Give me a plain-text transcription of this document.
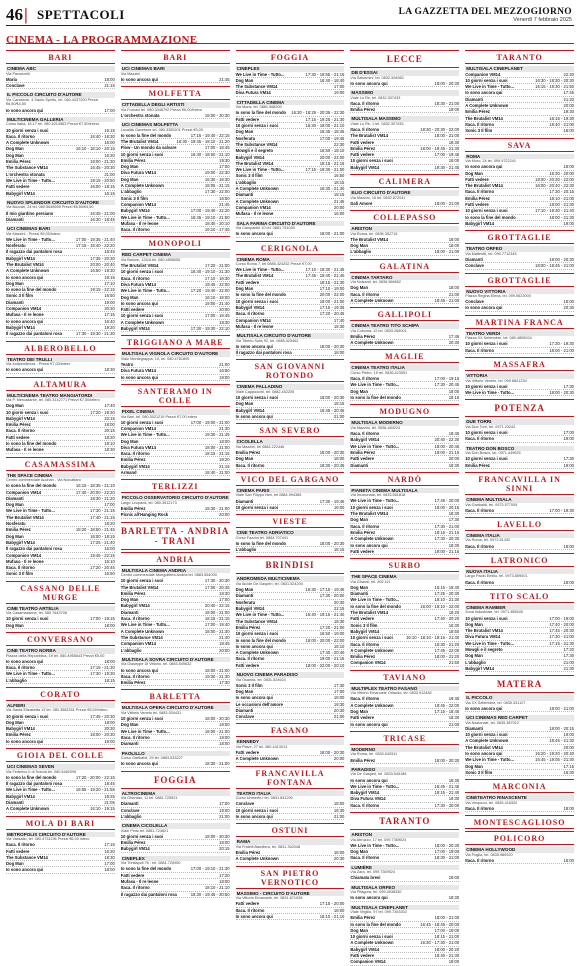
46| SPETTACOLI	LA GAZZETTA DEL MEZZOGIORNO
Venerdì 7 febbraio 2025
CINEMA - LA PROGRAMMAZIONE
BARI
CINEMA ABC
Via Pavoncelli
Maria	18:00
Conclave	21:15
IL PICCOLO CIRCUITO D'AUTORE
Via Cantatore, 4 Santo Spirito, tel. 080.4437200 Prezzi €6,50/€4,50
Io sono ancora qui	17:00
MULTICINEMA GALLERIA
Corso Italia, 15-17 tel. 080.5214563 Prezzi €7,50/intero
10 giorni senza i suoi	16:15
Itaca. Il ritorno	16:40 - 18:30
A Complete Unknown	16:00
Dog Man	16:10 - 18:10 - 20:15
Dog Man	16:30
Emilia Pérez	19:00 - 21:30
The Substance VM14	16:45 - 20:30
L'orchestra stonata	21:00
We Live in Time - Tutto...	18:15 - 20:50
Fatti vedere	16:00 - 18:15
Babygirl VM14	16:15
NUOVO SPLENDOR CIRCUITO D'AUTORE
Via Buccari, 24 tel. 080.5648595 Prezzi €6,50/€4,50
Il mio giardino persiano	16:45 - 21:00
Diamanti	16:30 - 18:45
UCI CINEMAS BARI
Via Mazzini - Prezzi €9,00/intero
We Live in Time - Tutto...	17:00 - 19:35 - 21:40
Nosferatu	17:15 - 19:40 - 22:20
Il ragazzo dai pantaloni rosa	18:45
Babygirl VM14	17:35 - 20:30
The Brutalist VM14	20:00 - 20:40
A Complete Unknown	16:50 - 19:30
Io sono ancora qui	18:15
Dog Man	17:10
Io sono la fine del mondo	19:15 - 22:15
Sonic 3 Il film	16:50
Diamanti	19:00
Companion VM14	20:30
Mufasa - Il re leone	17:15
Io sono ancora qui	16:40
Babygirl VM14	19:20
Il ragazzo dai pantaloni rosa	17:30 - 19:30 - 21:30
ALBEROBELLO
TEATRO DEI TRULLI
Via Indipendenza - Prezzi €7,00/intero
Io sono ancora qui	18:30
ALTAMURA
MULTICINEMA TEATRO MANGIATORDI
Via P. Mercadante, tel. 080.3142771 Prezzi €7,50/intero
Dog Man	17:40
10 giorni senza i suoi	17:20 - 19:30
Babygirl VM14	22:15
Emilia Pérez	18:00
Itaca. Il ritorno	20:15
Fatti vedere	18:20
Io sono la fine del mondo	19:10
Mufasa - Il re leone	18:30
CASAMASSIMA
THE SPACE CINEMA
Centro commerciale Auchan - Via Noicattaro
Io sono la fine del mondo	16:15 - 18:35 - 21:10
Companion VM14	17:40 - 20:00 - 22:20
Diamanti	18:30 - 21:20
Dog Man	17:00
We Live in Time - Tutto...	17:30 - 21:15
The Brutalist VM14	17:40 - 21:15
Nosferatu	18:20
Emilia Pérez	18:20 - 18:50 - 21:45
Dog Man	16:00 - 18:15
Babygirl VM14	17:25 - 21:40
Il ragazzo dai pantaloni rosa	16:00
Companion VM14	19:45 - 22:15
Mufasa - Il re leone	16:10
Itaca. Il ritorno	17:20 - 20:45
Sonic 3 Il film	16:50
CASSANO DELLE MURGE
CINE TEATRO ARTELIA
Via Casamassima, tel. 080.7643708
10 giorni senza i suoi	17:00 - 19:15
Dog Man	18:00
CONVERSANO
CINE TEATRO NORBA
Piazza della Repubblica, 19 tel. 080.4955643 Prezzi €5,00
Io sono ancora qui	18:00
Itaca. Il ritorno	17:15 - 21:30
We Live in Time - Tutto...	17:30 - 19:30
L'abbaglio	18:15
CORATO
ALFIERI
Via Santa Elisabetta 13 tel. 080.3582261 Prezzi €5,00/intero
10 giorni senza i suoi	17:45 - 20:30
Dog Man	18:00
Babygirl VM14	20:30
Emilia Pérez	18:00 - 20:30
Io sono ancora qui	19:00
GIOIA DEL COLLE
UCI CINEMAS SEVEN
Via Federico II di Svevia tel. 080.5482095
Io sono la fine del mondo	17:20 - 20:00 - 22:15
Il ragazzo dai pantaloni rosa	18:45
We Live in Time - Tutto...	16:55 - 19:20 - 21:55
Babygirl VM14	19:25
Diamanti	21:05
A Complete Unknown	16:10 - 19:15
MOLA DI BARI
METROPOLIS CIRCUITO D'AUTORE
Via Vassallo, tel. 080.4731196 Prezzi €6,00 intero
Itaca. Il ritorno	17:15
Fatti vedere	16:30
The Substance VM14	18:30
Dog Man	17:00
Io sono ancora qui	18:00
BARI
UCI CINEMAS BARI
Via Mazzini
Io sono ancora qui	21:45
MOLFETTA
CITTADELLA DEGLI ARTISTI
Via Fornaci tel. 080.3348792 Prezzi €6,00/intero
L'orchestra stonata	18:00 - 20:30
UCI CINEMAS MOLFETTA
Località Gavetone tel. 080.3350201 Prezzi €9,00
Io sono la fine del mondo	17:15 - 19:40 - 22:15
The Brutalist VM14	16:30 - 19:45 - 18:10 - 21:20
Flow - Un mondo da salvare	17:00 - 18:45
10 giorni senza i suoi	16:40 - 18:50 - 21:10
Emilia Pérez	19:30
Dog Man	17:00
Diva Futura VM14	19:00 - 22:30
Dog Man	16:30 - 18:30
A Complete Unknown	18:05 - 21:15
L'abbaglio	17:30 - 22:00
Sonic 3 Il film	16:50
Companion VM14	21:45
Babygirl VM14	17:00 - 19:40 - 22:20
We Live in Time - Tutto...	16:45 - 19:10 - 21:50
Mufasa - Il re leone	18:40 - 20:10
Itaca. Il ritorno	16:10 - 17:45
MONOPOLI
RED CARPET CINEMA
Via Baione, 123/A tel. 080.4855055
The Brutalist VM14	17:20 - 21:00
10 giorni senza i suoi	16:40 - 19:10 - 21:30
Itaca. Il ritorno	17:10 - 19:30
Diva Futura VM14	19:45 - 22:00
We Live in Time - Tutto...	17:20 - 19:40 - 22:00
Dog Man	16:10 - 18:00
Io sono ancora qui	19:00 - 21:40
Fatti vedere	20:00
10 giorni senza i suoi	17:00 - 19:45
A Complete Unknown	18:30
Babygirl VM14	17:30 - 19:30 - 22:10
TRIGGIANO A MARE
MULTISALA VIGNOLA CIRCUITO D'AUTORE
Viale Montegrappa, 10, tel. 080.4781895
Teatro	21:00
Diva Futura VM14	16:50
Io sono ancora qui	19:00
SANTERAMO IN COLLE
PIXEL CINEMA
Via Bari, tel. 080.3021219 Prezzi €7,00 intero
10 giorni senza i suoi	17:00 - 19:00 - 21:00
Companion VM14	21:30
We Live in Time - Tutto...	19:30 - 21:45
Dog Man	18:00
Diva Futura VM14	18:00 - 21:00
Itaca. Il ritorno	18:15 - 21:15
Emilia Pérez	19:20
Babygirl VM14	21:15
Armand	18:40 - 21:00
TERLIZZI
PICCOLO OSSERVATORIO CIRCUITO D'AUTORE
Largo Leopardi, tel. 080.3512173
Emilia Pérez	18:30 - 21:00
Picnic all'Hanging Rock	20:00
BARLETTA - ANDRIA - TRANI
ANDRIA
MULTISALA CINEMA ANDRIA
Centro commerciale Mongolfiera Andria tel. 0883.554000
10 giorni senza i suoi	17:30 - 20:30
The Brutalist VM14	17:00 - 20:45
Emilia Pérez	18:30
Dog Man	17:00
Babygirl VM14	20:40 - 22:15
Diamanti	18:00 - 21:00
Itaca. Il ritorno	18:15 - 21:15
We Live in Time - Tutto...	17:00 - 19:40
A Complete Unknown	18:00 - 21:30
The Substance VM14	21:40
Companion VM14	18:45
L'abbaglio	20:00
MULTISALA SOVRA CIRCUITO D'AUTORE
Via Giuseppe Di Vittorio, tel. 0883.549632
Io sono ancora qui	18:00 - 21:00
Itaca. Il ritorno	19:30 - 21:30
Emilia Pérez	17:30
BARLETTA
MULTISALA OPERA CIRCUITO D'AUTORE
Via Vittorio Veneto tel. 0883.534431
10 giorni senza i suoi	18:00 - 20:30
Dog Man	18:00
We Live in Time - Tutto...	18:00 - 21:00
Itaca. Il ritorno	19:00
Diamanti	18:00
PAOLILLO
Corso Garibaldi, 29 tel. 0883.533227
Io sono ancora qui	18:30 - 21:00
FOGGIA
ALTROCINEMA
Via Oberdan, 11 tel. 0881.725521
Diamanti	17:00
Conclave	19:00
L'abbaglio	21:00
CINEMA CICOLELLA
Viale Pinto tel. 0881.724821
10 giorni senza i suoi	18:00 - 20:30
Emilia Pérez	18:00
Babygirl VM14	20:15
CINEPLEX
Via Trinitapoli 76 - tel. 0881.720050
Io sono la fine del mondo	17:00 - 19:10 - 21:30
Fatti vedere	17:20
Mufasa - Il re leone	18:00
Itaca. Il ritorno	18:10 - 21:10
Il ragazzo dai pantaloni rosa	16:30 - 19:45 - 20:50
FOGGIA
CINEPLEX
We Live in Time - Tutto...	17:30 - 19:55 - 21:15
Dog Man	16:40 - 18:40
The Substance VM14	17:00
Diva Futura VM14	19:00
CITTADELLA CINEMA
Via Mons. tel. 0881.568200
Io sono la fine del mondo 16:30 - 18:25 - 20:35 - 22:30
Fatti vedere	17:15 - 19:25 - 21:30
10 giorni senza i suoi	16:30 - 19:00 - 21:10
Dog Man	16:45 - 18:45
Nosferatu	17:00 - 19:45
The Substance VM14	22:30
Mowgli e il segreto	16:50 - 18:10
Babygirl VM14	20:00 - 22:00
The Brutalist VM14	18:15 - 21:15
We Live in Time - Tutto...	17:15 - 19:30 - 21:50
Sonic 3 Il film	16:50
L'abbaglio	18:15
A Complete Unknown	18:30 - 21:30
Diamanti	18:15
A Complete Unknown	21:45
Companion VM14	20:00
Mufasa - Il re leone	16:00
SALA FARINA CIRCUITO D'AUTORE
Via Campanile 10 tel. 0881.791030
Io sono ancora qui	18:00 - 21:00
CERIGNOLA
CINEMA ROMA
Corso Roma 7, tel 0885.424202 Prezzi €7,00
We Live in Time - Tutto...	17:10 - 19:30 - 21:45
The Brutalist VM14	17:45 - 19:40 - 21:40
Fatti vedere	18:15 - 21:30
Dog Man	17:10 - 19:00
Io sono la fine del mondo	20:00 - 22:00
10 giorni senza i suoi	19:00 - 21:00
Babygirl VM14	17:15 - 19:35
Itaca. Il ritorno	17:20 - 20:45
Companion VM14	17:40
Mufasa - Il re leone	18:30
MULTISALA CIRCUITO D'AUTORE
Via Tiberio Solis 92, tel. 0885.425462
Io sono ancora qui	18:00 - 20:30
Il ragazzo dai pantaloni rosa	18:00
SAN GIOVANNI ROTONDO
CINEMA PALLADINO
Viale Cappuccini, tel. 0882.452205
10 giorni senza i suoi	18:00 - 20:30
Dog Man	18:15
Babygirl VM14	18:45 - 20:45
Io sono ancora qui	21:00
SAN SEVERO
CICOLELLA
Via Mazzini, tel 0882.222446
Emilia Pérez	18:00 - 20:30
Dog Man	18:00
Itaca. Il ritorno	18:30 - 20:45
VICO DEL GARGANO
CINEMA PARIS
Viale San Filippo Neri, tel 0884.994365
Diamanti	17:30 - 19:45
10 giorni senza i suoi	18:00
VIESTE
CINE TEATRO ADRIATICO
Corso Fazzini tel. 0884.707441
Io sono la fine del mondo	18:00 - 20:30
L'abbaglio	18:15
BRINDISI
ANDROMEDA MULTICINEMA
Via Alcide De Gasperi, tel. 0831.524200
Dog Man	16:30 - 17:15 - 19:45
Diamanti	17:30 - 20:00
Nosferatu	20:30
Babygirl VM14	22:15
We Live in Time - Tutto...	16:40 - 19:15 - 21:40
The Substance VM14	18:30
Emilia Pérez	17:20 - 21:00
10 giorni senza i suoi	16:50 - 19:00
Io sono la fine del mondo	16:00 - 20:00 - 22:00
Io sono ancora qui	18:10
A Complete Unknown	17:40 - 20:40
Itaca. Il ritorno	19:00 - 21:15
Fatti vedere	18:00 - 22:00 - 20:10
NUOVO CINEMA PARADISO
Via Osanna, tel. 0831.524924
Sonic 3 Il film	17:30
Dog Man	17:00
Io sono ancora qui	18:00
Le occasioni dell'amore	18:30
Diamanti	20:30
Conclave	21:00
FASANO
KENNEDY
Via Piave, 27 tel. 080.4413013
Fatti vedere	18:00 - 20:30
A Complete Unknown	20:00
FRANCAVILLA FONTANA
TEATRO ITALIA
Corso Umberto I tel. 0831.841200
Conclave	18:00
10 giorni senza i suoi	18:30
Io sono ancora qui	21:00
OSTUNI
RAMA
Via Fratelli Bandiera, tel. 0831.332048
Emilia Pérez	18:00
A Complete Unknown	20:30
SAN PIETRO VERNOTICO
MASSIMO - CIRCUITO D'AUTORE
Via Vittorio Emanuele, tel. 0831.671028
Fatti vedere	17:15 - 20:00
Itaca. Il ritorno	18:00
Io sono ancora qui	18:10 - 21:10
LECCE
DB D'ESSAI
Via Salvemini, tel. 0832.326982
Io sono ancora qui	18:00 - 20:30
MASSIMO
Viale Lo Re, tel. 0832.307433
Itaca. Il ritorno	18:30 - 21:00
Emilia Pérez	19:00
MULTISALA MASSIMO
Viale Lo Re, 1 tel. 0832.307433
Itaca. Il ritorno	18:30 - 20:30 - 22:00
The Brutalist VM14	18:00 - 21:00
Fatti vedere	18:30
Emilia Pérez	18:00 - 19:45 - 21:30
Fatti vedere	17:00 - 19:45
10 giorni senza i suoi	19:00
Babygirl VM14	19:30 - 21:45
CALIMERA
ELIO CIRCUITO D'AUTORE
Via Mazzini, 16 tel. 0832.872041
Dalì Amore	18:00 - 21:00
COLLEPASSO
ARISTON
Via Roma, tel. 0836.352715
The Brutalist VM14	18:00
Dog Man	16:00
L'abbaglio	18:00 - 21:00
GALATINA
CINEMA TARTARO
Via Nolsanti, tel. 0836.566652
Dog Man	18:00
Itaca. Il ritorno	21:00
A Complete Unknown	18:45 - 21:00
GALLIPOLI
CINEMA TEATRO TITO SCHIPA
Via Colonna, 12 tel. 0833.266001
Emilia Pérez	17:45
A Complete Unknown	20:30
MAGLIE
CINEMA TEATRO ITALIA
Corso Pietro, 15 tel. 0836.423051
Itaca. Il ritorno	17:00 - 19:15
We Live in Time - Tutto...	17:30 - 20:45
Dog Man	18:00
Io sono la fine del mondo	18:15
MODUGNO
MULTISALA MODERNO
Via Mazzini, tel. 0836.484224
Itaca. Il ritorno	18:45
Babygirl VM14	20:40 - 22:30
We Live in Time - Tutto...	18:00 - 20:45
Emilia Pérez	19:00 - 21:15
Fatti vedere	20:00
Diamanti	18:30
NARDÒ
PIANETA CINEMA MULTISALA
Via Incoronata, tel. 0833.561818
We Live in Time - Tutto...	17:45 - 20:00
10 giorni senza i suoi	18:00 - 20:15
The Brutalist VM14	18:30
Dog Man	17:30
Itaca. Il ritorno	17:30 - 21:00
Emilia Pérez	18:15 - 21:15
A Complete Unknown	17:30 - 20:30
Io sono ancora qui	18:30
Fatti vedere	19:00 - 21:15
SURBO
THE SPACE CINEMA
Via Ghandi, tel. 892.111
Dog Man	16:15 - 18:40
Diamanti	17:25 - 20:30
We Live in Time - Tutto...	18:10 - 21:30
Io sono la fine del mondo	16:00 - 19:10 - 22:00
The Brutalist VM14	18:20
Fatti vedere	17:40 - 20:20
Sonic 3 Il film	16:30
Babygirl VM14	18:50
10 giorni senza i suoi	16:10 - 18:10 - 19:15 - 21:40
Itaca. Il ritorno	16:30 - 21:20
A Complete Unknown	17:45 - 22:00
Emilia Pérez	18:00 - 21:20
Companion VM14	21:50
TAVIANO
MULTIPLEX TEATRO FASANO
Via Vittorio Emanuele Orlando, tel. 0833.912482
Itaca. Il ritorno	18:45
A Complete Unknown	19:45 - 22:00
Dog Man	17:15 - 18:45
Fatti vedere	18:30
Io sono ancora qui	21:00
TRICASE
MODERNO
Via Roma, tel. 0833.543311
Emilia Pérez	18:00 - 20:30
PARADISO
Via De Gasperi, tel. 0833.545186
Io sono ancora qui	18:30
We Live in Time - Tutto...	16:45 - 21:45
Babygirl VM14	19:15 - 21:40
Diva Futura VM14	19:30
Itaca. Il ritorno	17:30 - 20:00
TARANTO
ARISTON
Via Abruzzo, 17 tel. 099.7369024
We Live in Time - Tutto...	18:00 - 20:30
Dog Man	17:00 - 19:00
Itaca. Il ritorno	18:30 - 21:00
LUMIÈRE
Via Zara, tel. 099.7369024
Chiamata brevi	18:00
MULTISALA ORFEO
Via Pitagora, tel. 099.4538330
Io sono ancora qui	18:30
MULTISALA CINEPLANET
Viale Virgilio, 97 tel. 099.7353302
Emilia Pérez	18:00 - 21:00
Io sono la fine del mondo	16:45 - 18:45 - 20:00
Dog Man	17:00 - 19:00
10 giorni senza i suoi	18:15 - 21:00
A Complete Unknown	16:30 - 17:30 - 21:00
Babygirl VM14	18:00 - 20:20
Fatti vedere	18:40 - 21:30
Companion VM14	19:00
TARANTO
MULTISALA CINEPLANET
Companion VM14	22:40
10 giorni senza i suoi	16:30 - 18:30 - 20:30
We Live in Time - Tutto...	16:15 - 19:30 - 21:50
Io sono ancora qui	17:45
Diamanti	21:20
A Complete Unknown	20:00
Emilia Pérez	19:30
The Brutalist VM14	16:15 - 19:30
Itaca. Il ritorno	18:40 - 21:00
Sonic 3 Il film	16:00
SAVA
ROMA
Via Moro, 24 tel. 099.9722241
Io sono ancora qui	18:00
Dog Man	16:30 - 20:00
Fatti vedere	18:00 - 20:30 - 22:00
The Brutalist VM14	16:00 - 20:40 - 22:30
Itaca. Il ritorno	17:30 - 20:15
Emilia Pérez	18:10 - 21:00
Fatti vedere	18:00 - 21:30
10 giorni senza i suoi	17:10 - 19:30 - 21:40
Io sono la fine del mondo	18:00 - 21:30
Babygirl VM14	19:00
GROTTAGLIE
TEATRO ORFEO
Via Matteotti, tel. 099.7712345
Diamanti	18:00 - 20:30
Conclave	18:00 - 18:45 - 21:00
GROTTAGLIE
NUOVO VITTORIA
Piazza Regina Elena, tel. 099.5623000
Conclave	18:00
Io sono ancora qui	20:30
MARTINA FRANCA
TEATRO VERDI
Piazza XX Settembre, tel. 080.4805024
10 giorni senza i suoi	17:30 - 19:30
Itaca. Il ritorno	18:00 - 21:00
MASSAFRA
VITTORIA
Via Vittorio Veneto, tel. 099.8801234
10 giorni senza i suoi	17:30
We Live in Time - Tutto...	18:00 - 20:30
POTENZA
DUE TORRI
Via Due Torri, tel. 0971.23242
10 giorni senza i suoi	17:00
Itaca. Il ritorno	19:00
TEATRO DON BOSCO
Via Don Bosco, tel. 0971.449925
10 giorni senza i suoi	17:30
Emilia Pérez	19:00
FRANCAVILLA IN SINNI
CINEMA MULTISALA
Via Garibaldi, tel. 0973.577009
Itaca. Il ritorno	17:00 - 19:30
LAVELLO
CINEMA ITALIA
Via Roma, tel. 0972.81432
Itaca. Il ritorno	18:00
LATRONICO
NUOVA ITALIA
Largo Paolo Emilio, tel. 0973.859001
Itaca. Il ritorno	18:00
TITO SCALO
CINEMA RAMBER
Zona Industriale, tel. 0971.485545
10 giorni senza i suoi	17:00 - 19:00
Dog Man	17:40 - 20:00
The Brutalist VM14	17:45 - 20:30
Diva Futura VM14	17:30 - 21:00
We Live in Time - Tutto...	17:15 - 21:30
Mowgli e il segreto	17:20
Dog Man	17:30
L'abbaglio	21:00
Babygirl VM14	21:30
MATERA
IL PICCOLO
Via XX Settembre, tel. 0835.331127
Io sono ancora qui	18:00 - 21:00
UCI CINEMAS RED CARPET
Via Nazionale, tel. 0835.387012
Diamanti	18:00 - 20:15
10 giorni senza i suoi	19:00
A Complete Unknown	18:45 - 21:30
The Brutalist VM14	20:00
Io sono ancora qui	16:20 - 19:20 - 20:40
We Live in Time - Tutto...	16:45 - 19:05 - 21:30
Dog Man	17:15
Sonic 3 Il film	16:30
MARCONIA
CINETEATRO RINASCENTE
Via Vespucci, tel. 0835.416320
Itaca. Il ritorno	18:00
MONTESCAGLIOSO
POLICORO
CINEMA HOLLYWOOD
Via Puglia, tel. 0835.980920
Itaca. Il ritorno	18:00
